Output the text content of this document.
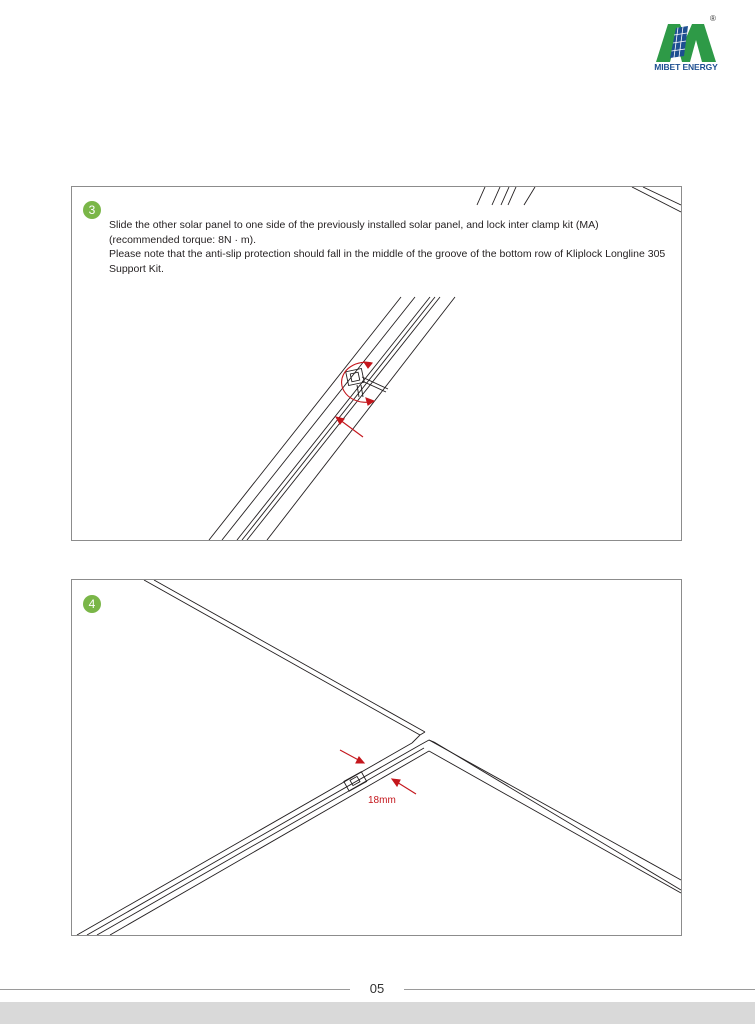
®
MIBET ENERGY
3

Slide the other solar panel to one side of the previously installed solar panel, and lock inter clamp kit (MA) (recommended torque: 8N · m).

Please note that the anti-slip protection should fall in the middle of the groove of the bottom row of Kliplock Longline 305 Support Kit.

4
18mm
05
